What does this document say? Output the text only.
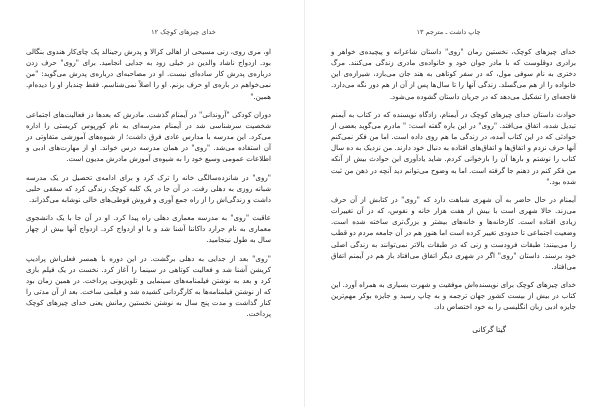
خدای چیزهای کوچک ١٢

او، مری روی، زنی مسیحی از اهالی کرالا و پدرش رجینالد پک چای‌کار هندوی بنگالی بود. ازدواج ناشاد والدین در خیلی زود به جدایی انجامید. برای "روی" حرف زدن درباره‌ی پدرش کار ساده‌ای نیست. او در مصاحبه‌ای درباره‌ی پدرش می‌گوید: "من نمی‌خواهم در باره‌ی او حرف بزنم. او را اصلاً نمی‌شناسم. فقط چندبار او را دیده‌ام. همین."

دوران کودکی "آروندانی" در آیمنام گذشت. مادرش که بعدها در فعالیت‌های اجتماعی شخصیت سرشناسی شد در آیمنام مدرسه‌ای به نام کورپوس کریستی را اداره می‌کرد. این مدرسه با مدارس عادی فرق داشت؛ از شیوه‌های آموزشی متفاوتی در آن استفاده می‌شد. "روی" در همان مدرسه درس خواند. او از مهارت‌های ادبی و اطلاعات عمومی وسیع خود را به شیوه‌ی آموزش مادرش مدیون است.

"روی" در شانزده‌سالگی خانه را ترک کرد و برای ادامه‌ی تحصیل در یک مدرسه شبانه روزی به دهلی رفت. در آن جا در یک کلبه کوچک زندگی کرد که سقفی حلبی داشت و زندگی‌اش را از راه جمع آوری و فروش قوطی‌های خالی نوشابه می‌گذراند.

عاقبت "روی" به مدرسه معماری دهلی راه پیدا کرد. او در آن جا با یک دانشجوی معماری به نام جرارد داکاننا آشنا شد و با او ازدواج کرد. ازدواج آنها بیش از چهار سال به طول نینجامید.

"روی" بعد از جدایی به دهلی برگشت. در این دوره با همسر فعلی‌اش پرادیپ کریشن آشنا شد و فعالیت کوتاهی در سینما را آغاز کرد. نخست در یک فیلم بازی کرد و بعد به نوشتن فیلمنامه‌های سینمایی و تلویزیونی پرداخت. در همین زمان بود که از نوشتن فیلمنامه‌ها به کارگردانی کشیده شد و فیلمی ساخت. بعد از آن مدتی را کنار گذاشت و مدت پنج سال به نوشتن نخستین رمانش یعنی خدای چیزهای کوچک پرداخت.

چاپ داشت ـ مترجم ١٣

خدای چیزهای کوچک، نخستین رمان "روی" داستان شاعرانه و پیچیده‌ی خواهر و برادری دوقلوست که با مادر جوان خود و خانواده‌ی مادری زندگی می‌کنند. مرگ دختری به نام سوفی مول، که در سفر کوتاهی به هند جان می‌بازد، شیرازه‌ی این خانواده را از هم می‌گسلد. زندگی آنها را تا سال‌ها پس از آن از هم دور نگه می‌دارد. فاجعه‌ای را تشکیل می‌دهد که در جریان داستان گشوده می‌شود.

حوادث داستان خدای چیزهای کوچک در آیمنام، زادگاه نویسنده که در کتاب به آیمنم تبدیل شده، اتفاق می‌افتد. "روی" در این باره گفته است: " مادرم می‌گوید بعضی از حوادثی که در این کتاب آمده، در زندگی ما هم روی داده است. اما من فکر نمی‌کنم آنها حرف نزدم و اتفاق‌ها و اتفاق‌های افتاده به دنبال خود دارند. من نزدیک به ده سال کتاب را نوشتم و بارها آن را بازخوانی کردم. شاید یادآوری این حوادث بیش از آنکه من فکر کنم در ذهنم جا گرفته است. اما به وضوح می‌توانم دید آنچه در ذهن من ثبت شده بود."

آیمنام در حال حاضر به آن شهری شباهت دارد که "روی" در کتابش از آن حرف می‌زند. حالا شهری است با بیش از هفت هزار خانه و نفوس، که در آن تغییرات زیادی افتاده است. کارخانه‌ها و خانه‌های بیشتر و بزرگ‌تری ساخته شده است. وضعیت اجتماعی تا حدودی تغییر کرده است اما هنوز هم در آن جامعه مردم دو قطب را می‌بینند: طبقات فرودست و زنی که در طبقات بالاتر نمی‌توانند به زندگی اصلی خود برسند. داستان "روی" اگر در شهری دیگر اتفاق می‌افتاد باز هم در آیمنم اتفاق می‌افتاد.

خدای چیزهای کوچک برای نویسنده‌اش موفقیت و شهرت بسیاری به همراه آورد. این کتاب در بیش از بیست کشور جهان ترجمه و به چاپ رسید و جایزه بوکر مهم‌ترین جایزه ادبی زبان انگلیسی را به خود اختصاص داد.

گیتا گرکانی
